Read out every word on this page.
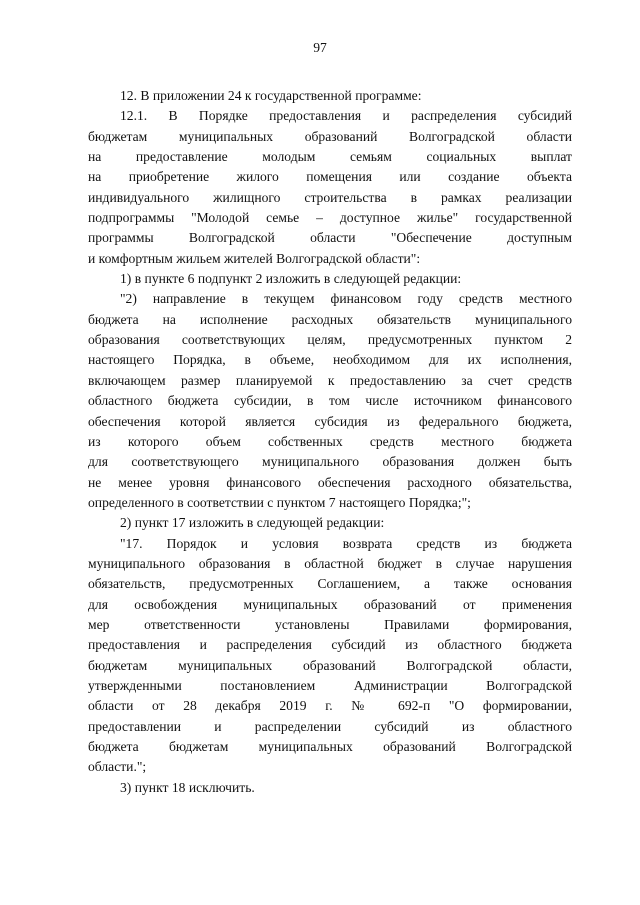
97
12. В приложении 24 к государственной программе:
12.1. В Порядке предоставления и распределения субсидий
бюджетам муниципальных образований Волгоградской области
на предоставление молодым семьям социальных выплат
на приобретение жилого помещения или создание объекта
индивидуального жилищного строительства в рамках реализации
подпрограммы "Молодой семье – доступное жилье" государственной
программы Волгоградской области "Обеспечение доступным
и комфортным жильем жителей Волгоградской области":
1) в пункте 6 подпункт 2 изложить в следующей редакции:
"2) направление в текущем финансовом году средств местного
бюджета на исполнение расходных обязательств муниципального
образования соответствующих целям, предусмотренных пунктом 2
настоящего Порядка, в объеме, необходимом для их исполнения,
включающем размер планируемой к предоставлению за счет средств
областного бюджета субсидии, в том числе источником финансового
обеспечения которой является субсидия из федерального бюджета,
из которого объем собственных средств местного бюджета
для соответствующего муниципального образования должен быть
не менее уровня финансового обеспечения расходного обязательства,
определенного в соответствии с пунктом 7 настоящего Порядка;";
2) пункт 17 изложить в следующей редакции:
"17. Порядок и условия возврата средств из бюджета
муниципального образования в областной бюджет в случае нарушения
обязательств, предусмотренных Соглашением, а также основания
для освобождения муниципальных образований от применения
мер ответственности установлены Правилами формирования,
предоставления и распределения субсидий из областного бюджета
бюджетам муниципальных образований Волгоградской области,
утвержденными постановлением Администрации Волгоградской
области от 28 декабря 2019 г. № 692-п "О формировании,
предоставлении и распределении субсидий из областного
бюджета бюджетам муниципальных образований Волгоградской
области.";
3) пункт 18 исключить.
